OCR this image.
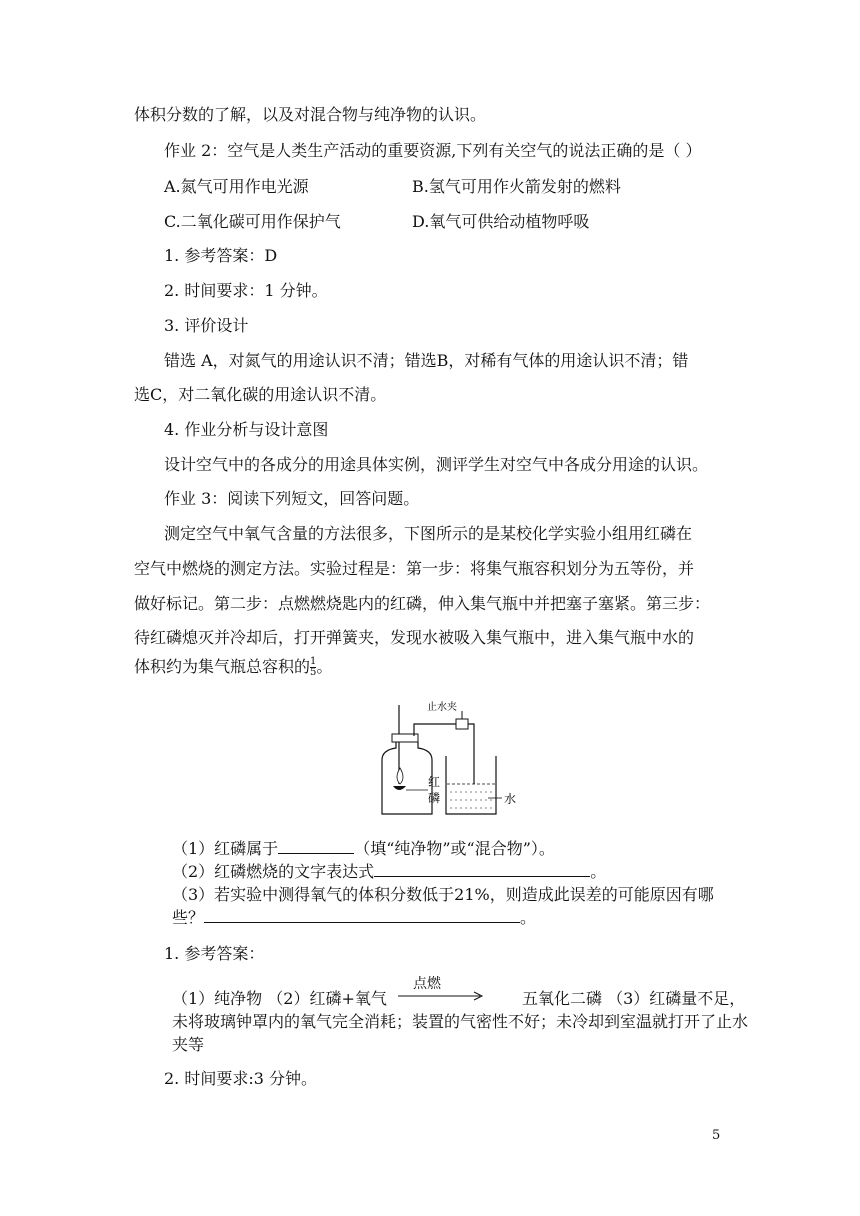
体积分数的了解，以及对混合物与纯净物的认识。
作业 2：空气是人类生产活动的重要资源,下列有关空气的说法正确的是（ ）
A.氮气可用作电光源	B.氢气可用作火箭发射的燃料
C.二氧化碳可用作保护气	D.氧气可供给动植物呼吸
1. 参考答案：D
2. 时间要求：1 分钟。
3. 评价设计
错选 A，对氮气的用途认识不清；错选B，对稀有气体的用途认识不清；错
选C，对二氧化碳的用途认识不清。
4. 作业分析与设计意图
设计空气中的各成分的用途具体实例，测评学生对空气中各成分用途的认识。
作业 3：阅读下列短文，回答问题。
测定空气中氧气含量的方法很多，下图所示的是某校化学实验小组用红磷在
空气中燃烧的测定方法。实验过程是：第一步：将集气瓶容积划分为五等份，并
做好标记。第二步：点燃燃烧匙内的红磷，伸入集气瓶中并把塞子塞紧。第三步：
待红磷熄灭并冷却后，打开弹簧夹，发现水被吸入集气瓶中，进入集气瓶中水的
体积约为集气瓶总容积的 $\frac{1}{5}$ 。
止水夹
红
磷	水
（1）红磷属于	（填“纯净物”或“混合物”）。
（2）红磷燃烧的文字表达式	。
（3）若实验中测得氧气的体积分数低于21%，则造成此误差的可能原因有哪
些？	。
1. 参考答案：
点燃
（1）纯净物 （2）红磷+氧气	五氧化二磷 （3）红磷量不足，
未将玻璃钟罩内的氧气完全消耗；装置的气密性不好；未冷却到室温就打开了止水
夹等
2. 时间要求:3 分钟。
5
